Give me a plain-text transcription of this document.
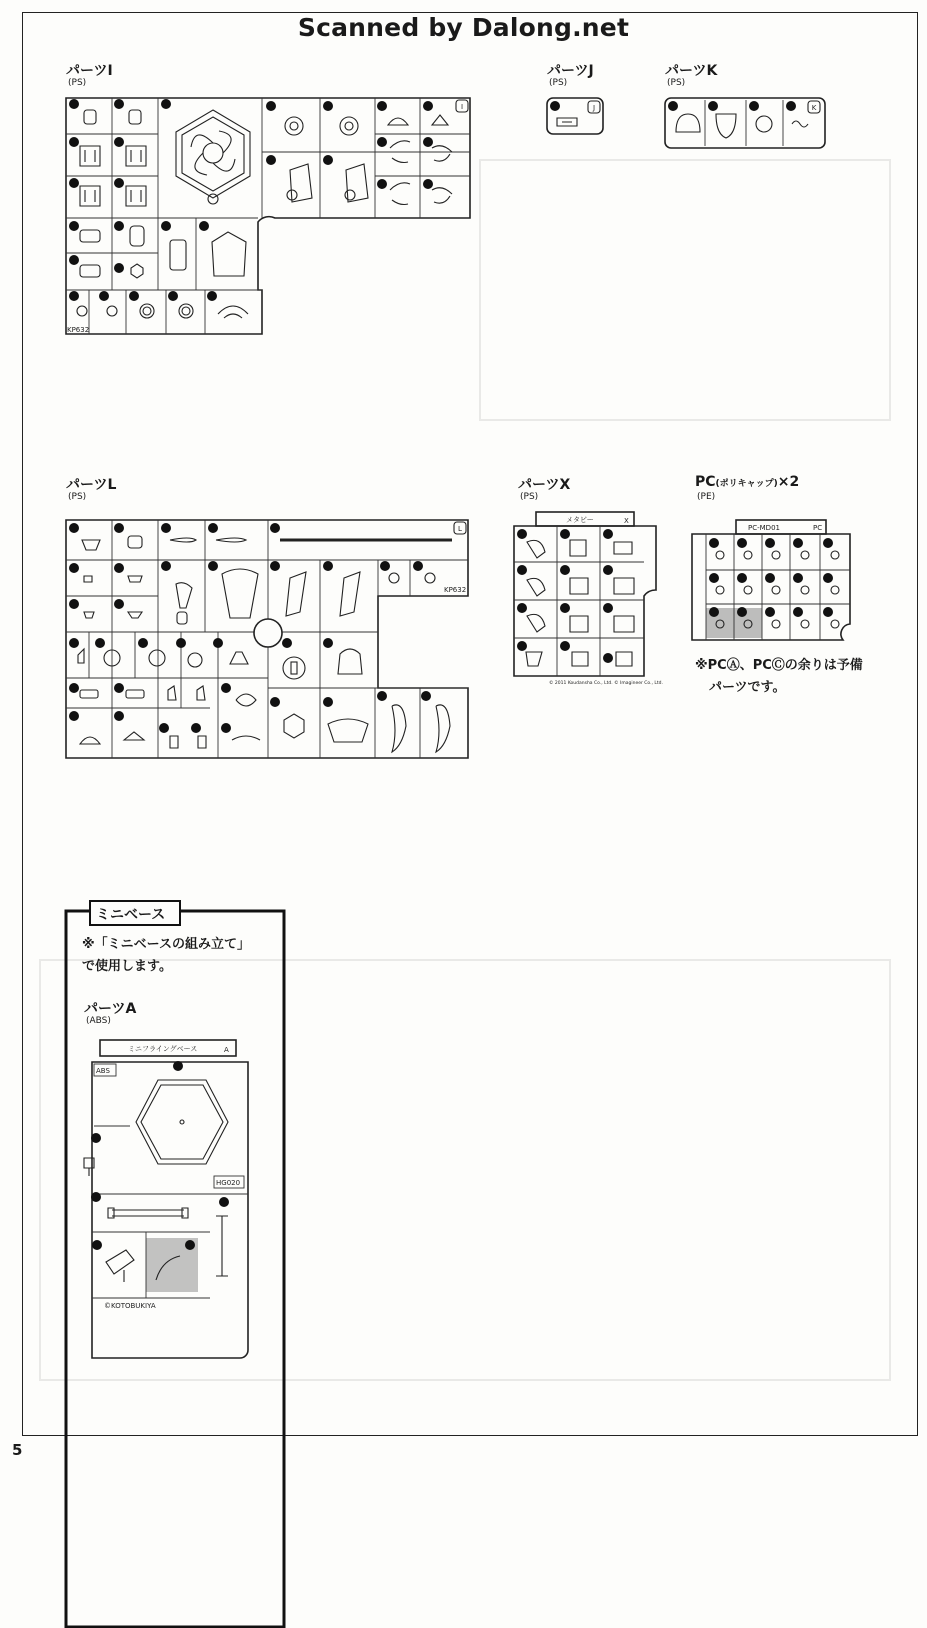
Scanned by Dalong.net
パーツI
(PS)
I
KP632
パーツJ
(PS)
J
パーツK
(PS)
K
パーツL
(PS)
L
KP632
パーツX
(PS)
メタビー	X
© 2011 Koudansha Co., Ltd. © Imagineer Co., Ltd.
PC(ポリキャップ)×2
(PE)
PC-MD01	PC
※PCⒶ、PCⒸの余りは予備
パーツです。
ミニベース
※「ミニベースの組み立て」
で使用します。
パーツA
(ABS)
ミニフライングベース	A
ABS
HG020
©KOTOBUKIYA
5
